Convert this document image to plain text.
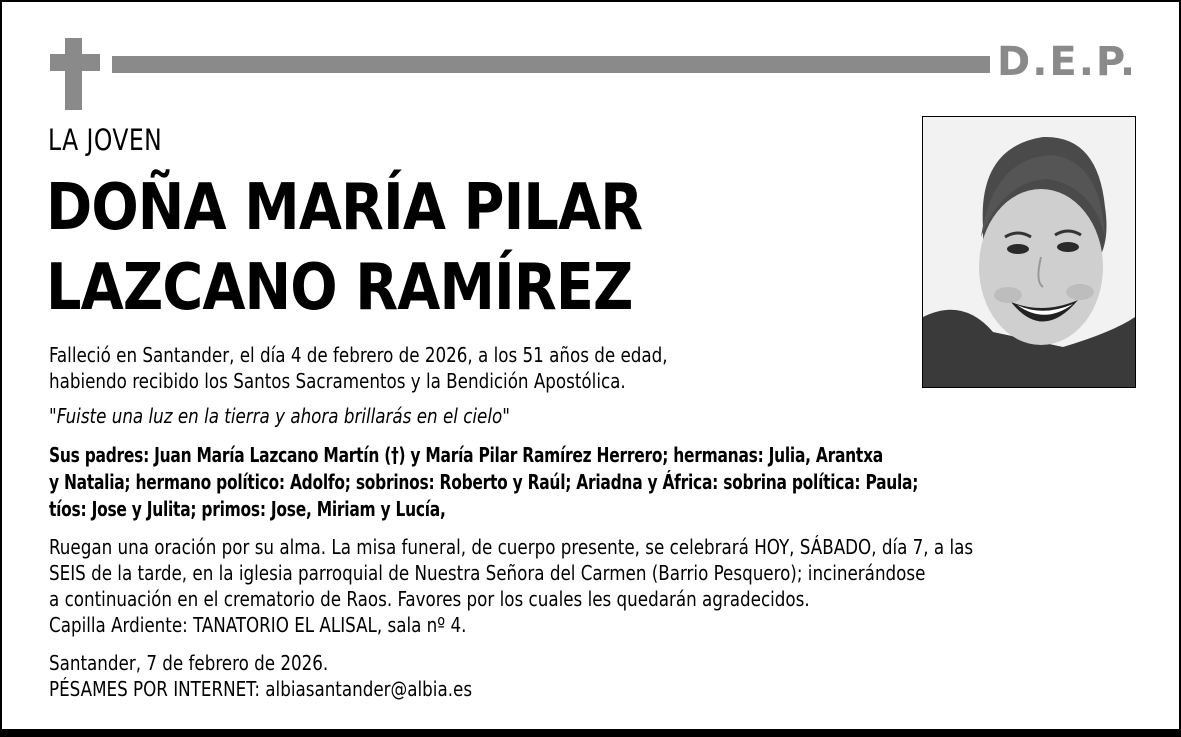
D.E.P.
LA JOVEN
DOÑA MARÍA PILAR
LAZCANO RAMÍREZ
Falleció en Santander, el día 4 de febrero de 2026, a los 51 años de edad,
habiendo recibido los Santos Sacramentos y la Bendición Apostólica.
"Fuiste una luz en la tierra y ahora brillarás en el cielo"
Sus padres: Juan María Lazcano Martín (†) y María Pilar Ramírez Herrero; hermanas: Julia, Arantxa
y Natalia; hermano político: Adolfo; sobrinos: Roberto y Raúl; Ariadna y África: sobrina política: Paula;
tíos: Jose y Julita; primos: Jose, Miriam y Lucía,
Ruegan una oración por su alma. La misa funeral, de cuerpo presente, se celebrará HOY, SÁBADO, día 7, a las
SEIS de la tarde, en la iglesia parroquial de Nuestra Señora del Carmen (Barrio Pesquero); incinerándose
a continuación en el crematorio de Raos. Favores por los cuales les quedarán agradecidos.
Capilla Ardiente: TANATORIO EL ALISAL, sala nº 4.
Santander, 7 de febrero de 2026.
PÉSAMES POR INTERNET: albiasantander@albia.es
